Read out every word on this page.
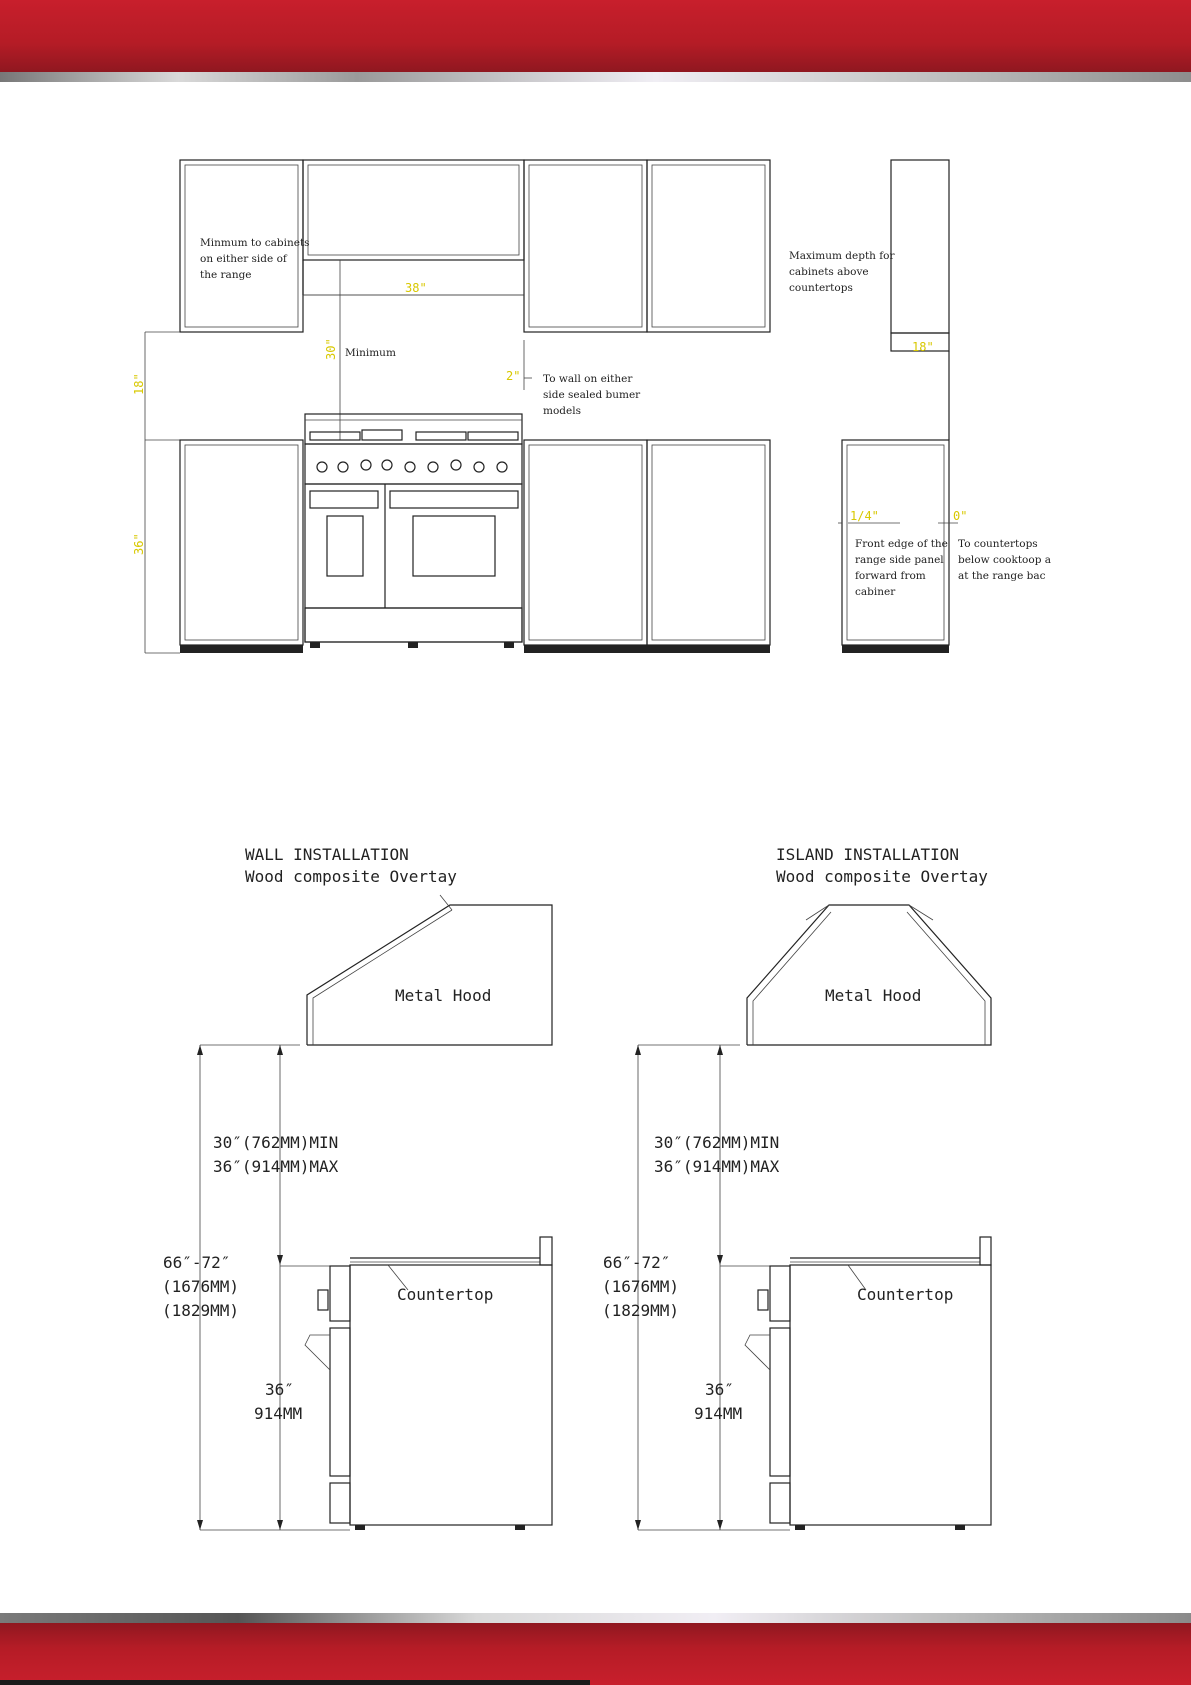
38"
30" Minimum
Minmum to cabinets on either side of the range
Maximum depth for cabinets above countertops
18"
2" To wall on either side sealed bumer models
18"
36"
1/4"	0"
Front edge of the range side panel forward from cabiner
To countertops below cooktoop a at the range bac
WALL INSTALLATION
Wood composite Overtay
Metal Hood
30″(762MM)MIN
36″(914MM)MAX
66″-72″
(1676MM)
(1829MM)
36″
914MM
Countertop
ISLAND INSTALLATION
Wood composite Overtay
Metal Hood
30″(762MM)MIN
36″(914MM)MAX
66″-72″
(1676MM)
(1829MM)
36″
914MM
Countertop
